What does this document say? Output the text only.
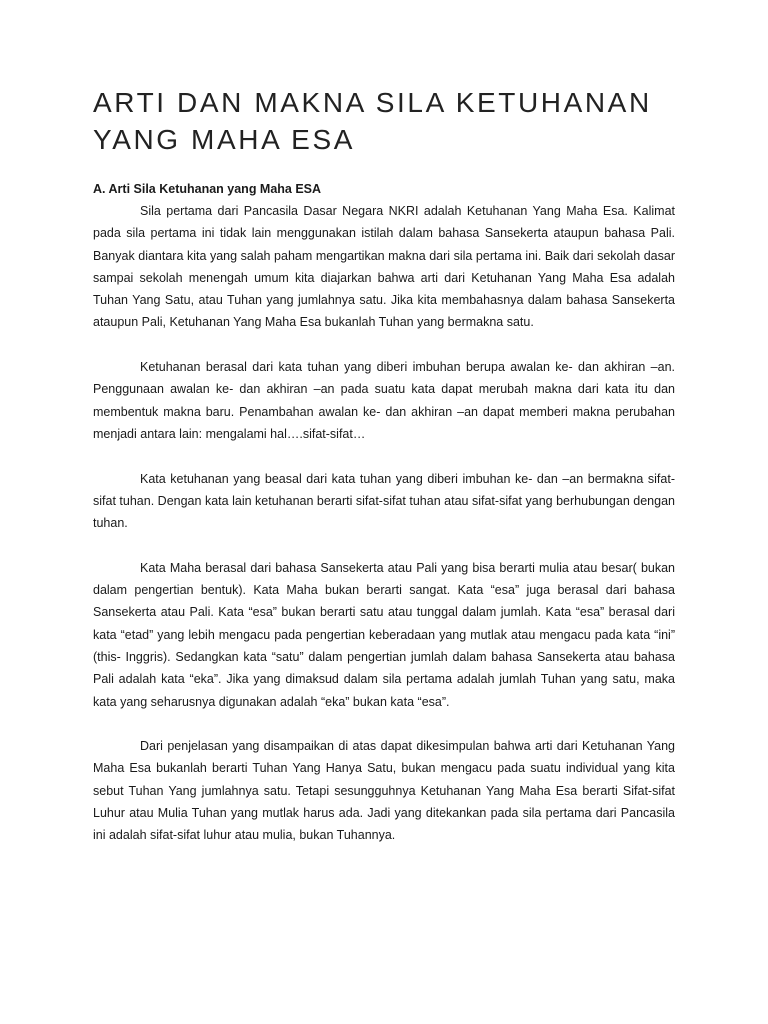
ARTI DAN MAKNA SILA KETUHANAN YANG MAHA ESA

A. Arti Sila Ketuhanan yang Maha ESA

Sila pertama dari Pancasila Dasar Negara NKRI adalah Ketuhanan Yang Maha Esa. Kalimat pada sila pertama ini tidak lain menggunakan istilah dalam bahasa Sansekerta ataupun bahasa Pali. Banyak diantara kita yang salah paham mengartikan makna dari sila pertama ini. Baik dari sekolah dasar sampai sekolah menengah umum kita diajarkan bahwa arti dari Ketuhanan Yang Maha Esa adalah Tuhan Yang Satu, atau Tuhan yang jumlahnya satu. Jika kita membahasnya dalam bahasa Sansekerta ataupun Pali, Ketuhanan Yang Maha Esa bukanlah Tuhan yang bermakna satu.

Ketuhanan berasal dari kata tuhan yang diberi imbuhan berupa awalan ke- dan akhiran –an. Penggunaan awalan ke- dan akhiran –an pada suatu kata dapat merubah makna dari kata itu dan membentuk makna baru. Penambahan awalan ke- dan akhiran –an dapat memberi makna perubahan menjadi antara lain: mengalami hal….sifat-sifat…

Kata ketuhanan yang beasal dari kata tuhan yang diberi imbuhan ke- dan –an bermakna sifat-sifat tuhan. Dengan kata lain ketuhanan berarti sifat-sifat tuhan atau sifat-sifat yang berhubungan dengan tuhan.

Kata Maha berasal dari bahasa Sansekerta atau Pali yang bisa berarti mulia atau besar( bukan dalam pengertian bentuk). Kata Maha bukan berarti sangat. Kata “esa” juga berasal dari bahasa Sansekerta atau Pali. Kata “esa” bukan berarti satu atau tunggal dalam jumlah. Kata “esa” berasal dari kata “etad” yang lebih mengacu pada pengertian keberadaan yang mutlak atau mengacu pada kata “ini” (this- Inggris). Sedangkan kata “satu” dalam pengertian jumlah dalam bahasa Sansekerta atau bahasa Pali adalah kata “eka”. Jika yang dimaksud dalam sila pertama adalah jumlah Tuhan yang satu, maka kata yang seharusnya digunakan adalah “eka” bukan kata “esa”.

Dari penjelasan yang disampaikan di atas dapat dikesimpulan bahwa arti dari Ketuhanan Yang Maha Esa bukanlah berarti Tuhan Yang Hanya Satu, bukan mengacu pada suatu individual yang kita sebut Tuhan Yang jumlahnya satu. Tetapi sesungguhnya Ketuhanan Yang Maha Esa berarti Sifat-sifat Luhur atau Mulia Tuhan yang mutlak harus ada. Jadi yang ditekankan pada sila pertama dari Pancasila ini adalah sifat-sifat luhur atau mulia, bukan Tuhannya.
